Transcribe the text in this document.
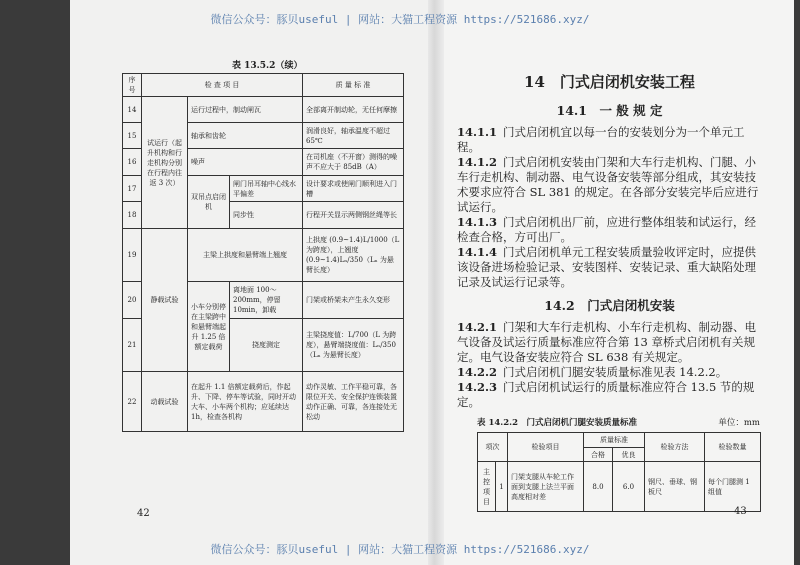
微信公众号：豚贝useful | 网站：大猫工程资源 https://521686.xyz/
微信公众号：豚贝useful | 网站：大猫工程资源 https://521686.xyz/
表 13.5.2（续）
序号	检 查 项 目			质 量 标 准
14	试运行（起升机构和行走机构分别在行程内往返 3 次）	运行过程中，制动闸瓦		全部离开制动轮，无任何摩擦
15		轴承和齿轮		润滑良好，轴承温度不超过 65℃
16		噪声		在司机座（不开窗）测得的噪声不应大于 85dB（A）
17		双吊点启闭机	闸门吊耳轴中心线水平偏差	设计要求或使闸门顺利进入门槽
18			同步性	行程开关显示两侧钢丝绳等长
19	静载试验	主梁上拱度和悬臂端上翘度		上拱度 (0.9~1.4)L/1000（L 为跨度），上翘度 (0.9~1.4)Lₙ/350（Lₙ 为悬臂长度）
20		小车分别停在主梁跨中和悬臂端起升 1.25 倍额定载荷	离地面 100～200mm，停留 10min，卸载	门架或桥架未产生永久变形
21			挠度测定	主梁挠度值：L/700（L 为跨度），悬臂端挠度值：Lₙ/350（Lₙ 为悬臂长度）
22	动载试验	在起升 1.1 倍额定载荷后，作起升、下降、停车等试验，同时开动大车、小车两个机构；应延续达 1h，检查各机构		动作灵敏、工作平稳可靠，各限位开关、安全保护连锁装置动作正确、可靠，各连接处无松动
42
14　门式启闭机安装工程
14.1　一 般 规 定

14.1.1 门式启闭机宜以每一台的安装划分为一个单元工程。

14.1.2 门式启闭机安装由门架和大车行走机构、门腿、小车行走机构、制动器、电气设备安装等部分组成，其安装技术要求应符合 SL 381 的规定。在各部分安装完毕后应进行试运行。

14.1.3 门式启闭机出厂前，应进行整体组装和试运行，经检查合格，方可出厂。

14.1.4 门式启闭机单元工程安装质量验收评定时，应提供该设备进场检验记录、安装图样、安装记录、重大缺陷处理记录及试运行记录等。

14.2　门式启闭机安装

14.2.1 门架和大车行走机构、小车行走机构、制动器、电气设备及试运行质量标准应符合第 13 章桥式启闭机有关规定。电气设备安装应符合 SL 638 有关规定。

14.2.2 门式启闭机门腿安装质量标准见表 14.2.2。

14.2.3 门式启闭机试运行的质量标准应符合 13.5 节的规定。

表 14.2.2　门式启闭机门腿安装质量标准	单位：mm
项次		检验项目	质量标准		检验方法	检验数量
			合格	优良		
主控项目	1	门架支腿从车轮工作面到支腿上法兰平面高度相对差	8.0	6.0	钢尺、垂球、钢板尺	每个门腿测 1 组值
43
